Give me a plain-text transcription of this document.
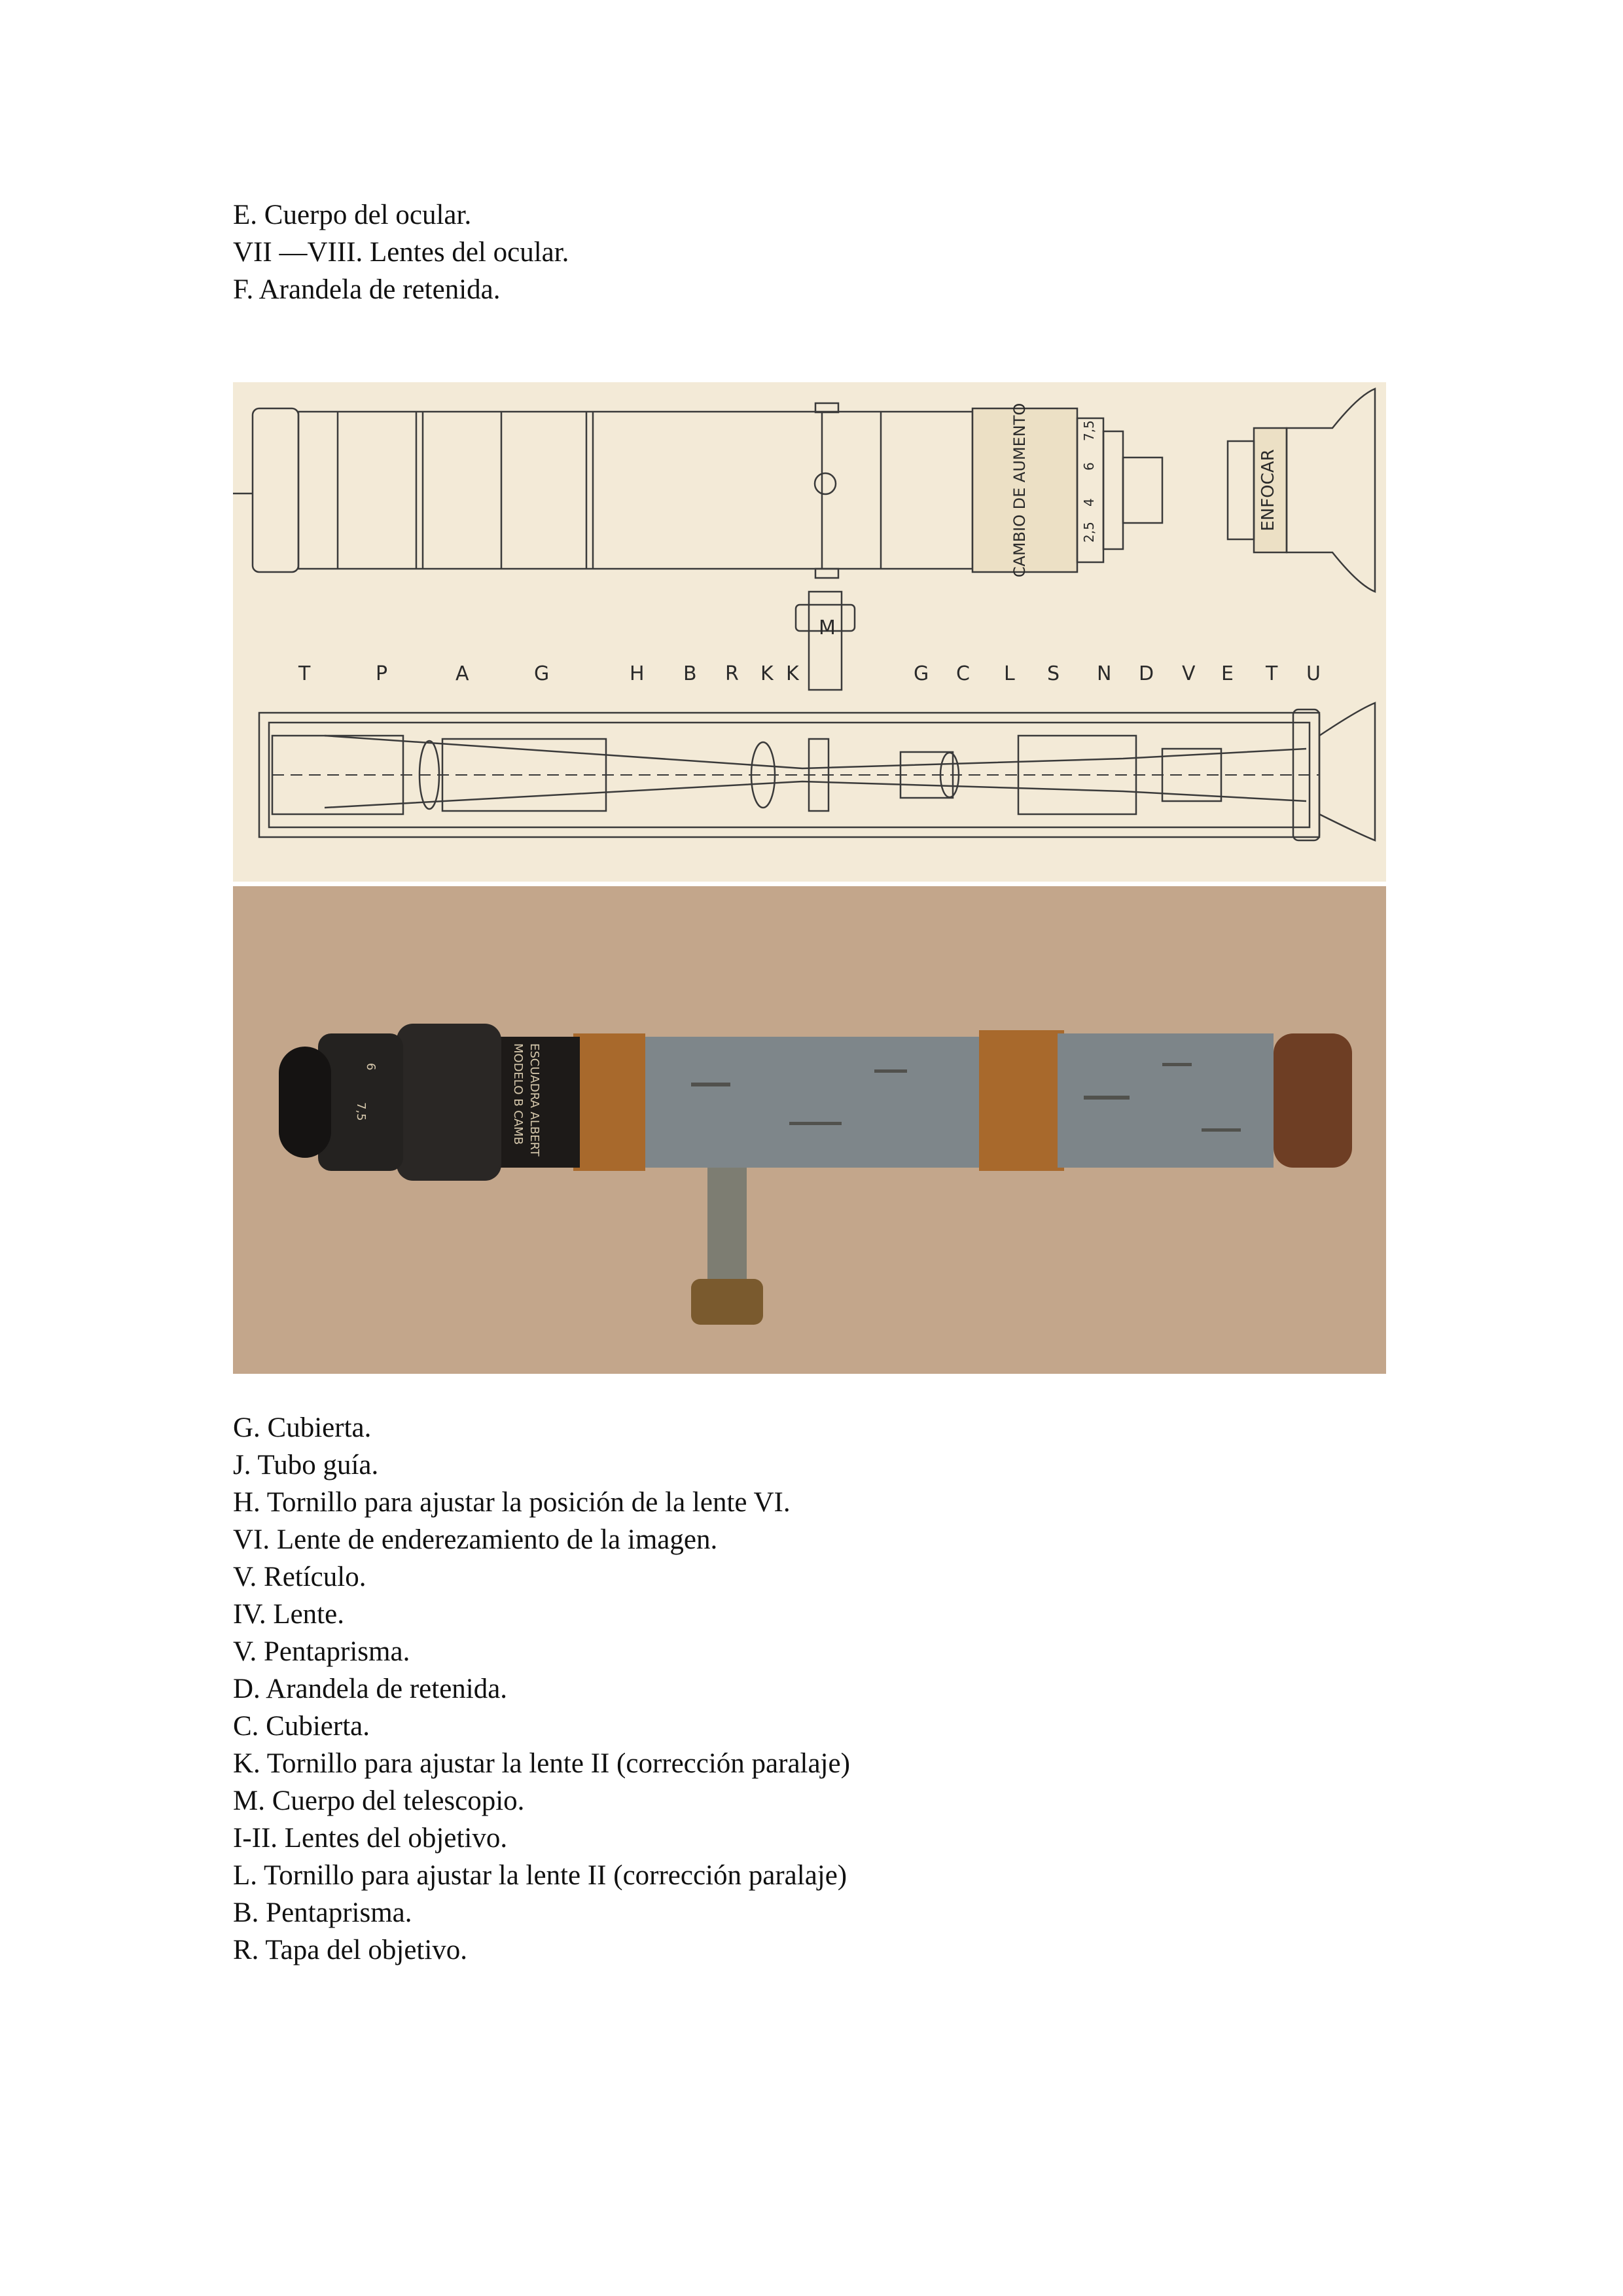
E. Cuerpo del ocular.
VII —VIII. Lentes del ocular.
F. Arandela de retenida.
CAMBIO DE AUMENTO	2,5
4
6
7,5
ENFOCAR
M
T	P	A	G	H B R K K	G C L S N D V E T U
ESCUADRA ALBERT
MODELO B CAMB
7,5
6
G. Cubierta.
J. Tubo guía.
H. Tornillo para ajustar la posición de la lente VI.
VI. Lente de enderezamiento de la imagen.
V. Retículo.
IV. Lente.
V. Pentaprisma.
D. Arandela de retenida.
C. Cubierta.
K. Tornillo para ajustar la lente II (corrección paralaje)
M. Cuerpo del telescopio.
I-II. Lentes del objetivo.
L. Tornillo para ajustar la lente II (corrección paralaje)
B. Pentaprisma.
R. Tapa del objetivo.
